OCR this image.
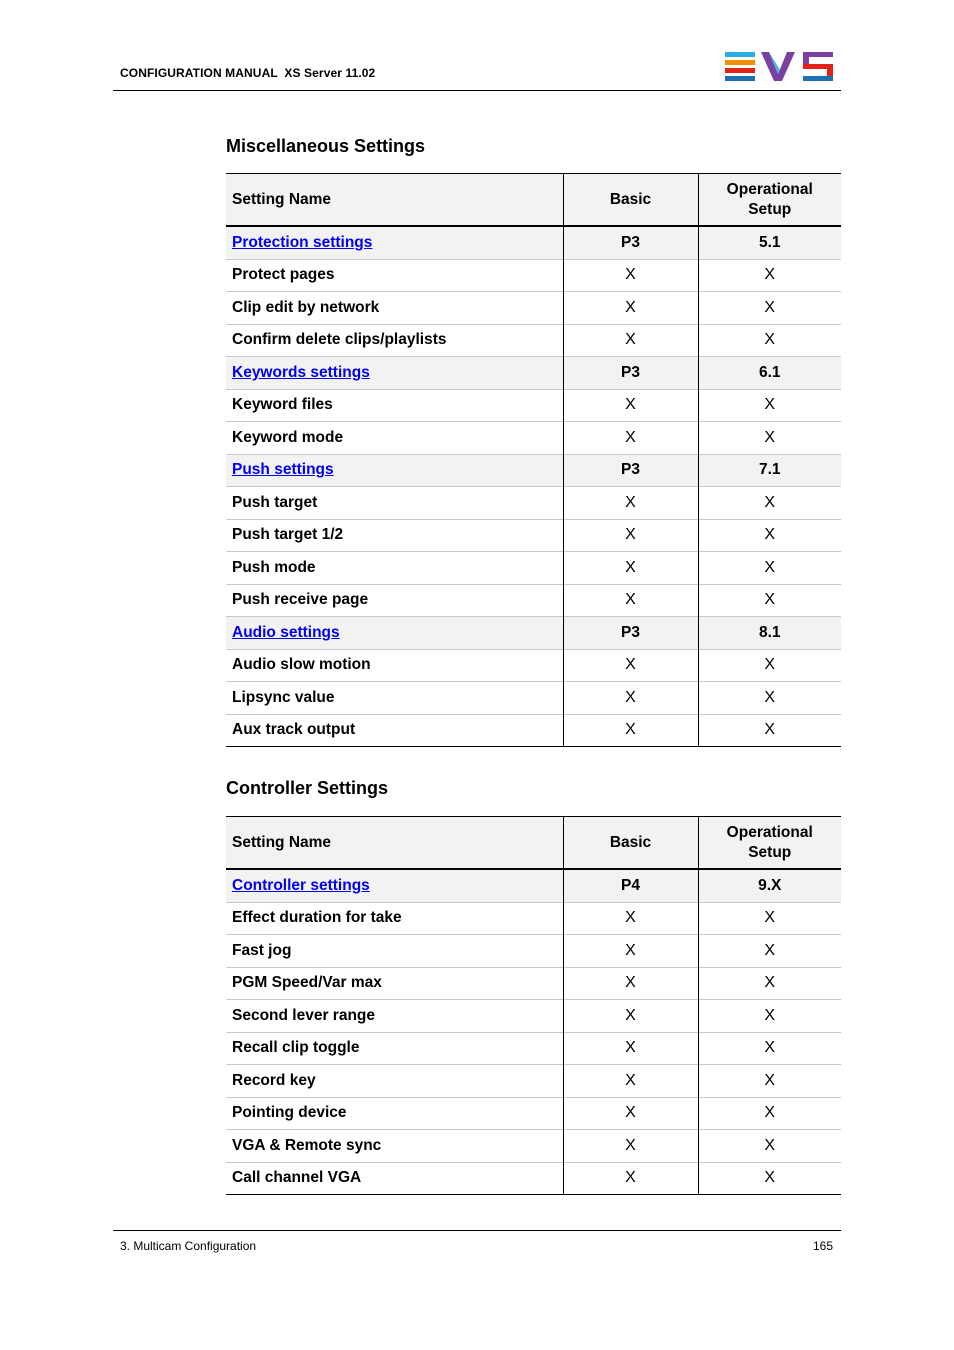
CONFIGURATION MANUAL  XS Server 11.02
Miscellaneous Settings
Setting Name	Basic	Operational Setup
Protection settings	P3	5.1
Protect pages	X	X
Clip edit by network	X	X
Confirm delete clips/playlists	X	X
Keywords settings	P3	6.1
Keyword files	X	X
Keyword mode	X	X
Push settings	P3	7.1
Push target	X	X
Push target 1/2	X	X
Push mode	X	X
Push receive page	X	X
Audio settings	P3	8.1
Audio slow motion	X	X
Lipsync value	X	X
Aux track output	X	X
Controller Settings
Setting Name	Basic	Operational Setup
Controller settings	P4	9.X
Effect duration for take	X	X
Fast jog	X	X
PGM Speed/Var max	X	X
Second lever range	X	X
Recall clip toggle	X	X
Record key	X	X
Pointing device	X	X
VGA & Remote sync	X	X
Call channel VGA	X	X
3. Multicam Configuration	165
